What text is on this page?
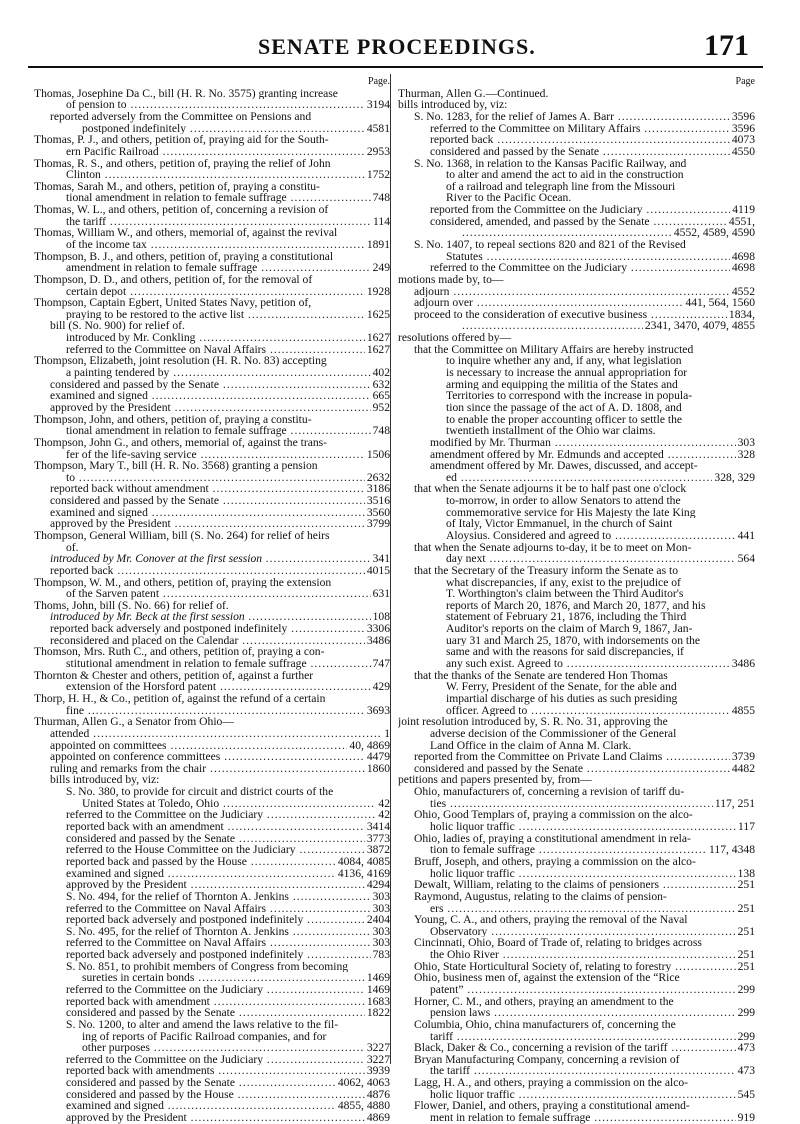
SENATE PROCEEDINGS.	171
Page.
Thomas, Josephine Da C., bill (H. R. No. 3575) granting increase
of pension to .....	3194
reported adversely from the Committee on Pensions and
postponed indefinitely .....	4581
Thomas, P. J., and others, petition of, praying aid for the South-
ern Pacific Railroad .....	2953
Thomas, R. S., and others, petition of, praying the relief of John
Clinton .....	1752
Thomas, Sarah M., and others, petition of, praying a constitu-
tional amendment in relation to female suffrage .....	748
Thomas, W. L., and others, petition of, concerning a revision of
the tariff .....	114
Thomas, William W., and others, memorial of, against the revival
of the income tax .....	1891
Thompson, B. J., and others, petition of, praying a constitutional
amendment in relation to female suffrage .....	249
Thompson, D. D., and others, petition of, for the removal of
certain depot .....	1928
Thompson, Captain Egbert, United States Navy, petition of,
praying to be restored to the active list .....	1625
bill (S. No. 900) for relief of.
introduced by Mr. Conkling .....	1627
referred to the Committee on Naval Affairs .....	1627
Thompson, Elizabeth, joint resolution (H. R. No. 83) accepting
a painting tendered by .....	402
considered and passed by the Senate .....	632
examined and signed .....	665
approved by the President .....	952
Thompson, John, and others, petition of, praying a constitu-
tional amendment in relation to female suffrage .....	748
Thompson, John G., and others, memorial of, against the trans-
fer of the life-saving service .....	1506
Thompson, Mary T., bill (H. R. No. 3568) granting a pension
to .....	2632
reported back without amendment .....	3186
considered and passed by the Senate .....	3516
examined and signed .....	3560
approved by the President .....	3799
Thompson, General William, bill (S. No. 264) for relief of heirs
of.
introduced by Mr. Conover at the first session .....	341
reported back .....	4015
Thompson, W. M., and others, petition of, praying the extension
of the Sarven patent .....	631
Thoms, John, bill (S. No. 66) for relief of.
introduced by Mr. Beck at the first session .....	108
reported back adversely and postponed indefinitely .....	3306
reconsidered and placed on the Calendar .....	3486
Thomson, Mrs. Ruth C., and others, petition of, praying a con-
stitutional amendment in relation to female suffrage .....	747
Thornton & Chester and others, petition of, against a further
extension of the Horsford patent .....	429
Thorp, H. H., & Co., petition of, against the refund of a certain
fine .....	3693
Thurman, Allen G., a Senator from Ohio—
attended .....	1
appointed on committees .....	40, 4869
appointed on conference committees .....	4479
ruling and remarks from the chair .....	1860
bills introduced by, viz:
S. No. 380, to provide for circuit and district courts of the
United States at Toledo, Ohio .....	42
referred to the Committee on the Judiciary .....	42
reported back with an amendment .....	3414
considered and passed by the Senate .....	3773
referred to the House Committee on the Judiciary .....	3872
reported back and passed by the House .....	4084, 4085
examined and signed .....	4136, 4169
approved by the President .....	4294
S. No. 494, for the relief of Thornton A. Jenkins .....	303
referred to the Committee on Naval Affairs .....	303
reported back adversely and postponed indefinitely .....	2404
S. No. 495, for the relief of Thornton A. Jenkins .....	303
referred to the Committee on Naval Affairs .....	303
reported back adversely and postponed indefinitely .....	783
S. No. 851, to prohibit members of Congress from becoming
sureties in certain bonds .....	1469
referred to the Committee on the Judiciary .....	1469
reported back with amendment .....	1683
considered and passed by the Senate .....	1822
S. No. 1200, to alter and amend the laws relative to the fil-
ing of reports of Pacific Railroad companies, and for
other purposes .....	3227
referred to the Committee on the Judiciary .....	3227
reported back with amendments .....	3939
considered and passed by the Senate .....	4062, 4063
considered and passed by the House .....	4876
examined and signed .....	4855, 4880
approved by the President .....	4869
Page
Thurman, Allen G.—Continued.
bills introduced by, viz:
S. No. 1283, for the relief of James A. Barr .....	3596
referred to the Committee on Military Affairs .....	3596
reported back .....	4073
considered and passed by the Senate .....	4550
S. No. 1368, in relation to the Kansas Pacific Railway, and
to alter and amend the act to aid in the construction
of a railroad and telegraph line from the Missouri
River to the Pacific Ocean.
reported from the Committee on the Judiciary .....	4119
considered, amended, and passed by the Senate .....	4551,
.....
4552, 4589, 4590
S. No. 1407, to repeal sections 820 and 821 of the Revised
Statutes .....	4698
referred to the Committee on the Judiciary .....	4698
motions made by, to—
adjourn .....	4552
adjourn over .....	441, 564, 1560
proceed to the consideration of executive business .....	1834,
.....
2341, 3470, 4079, 4855
resolutions offered by—
that the Committee on Military Affairs are hereby instructed
to inquire whether any and, if any, what legislation
is necessary to increase the annual appropriation for
arming and equipping the militia of the States and
Territories to correspond with the increase in popula-
tion since the passage of the act of A. D. 1808, and
to enable the proper accounting officer to settle the
twentieth installment of the Ohio war claims.
modified by Mr. Thurman .....	303
amendment offered by Mr. Edmunds and accepted .....	328
amendment offered by Mr. Dawes, discussed, and accept-
ed .....	328, 329
that when the Senate adjourns it be to half past one o'clock
to-morrow, in order to allow Senators to attend the
commemorative service for His Majesty the late King
of Italy, Victor Emmanuel, in the church of Saint
Aloysius. Considered and agreed to .....	441
that when the Senate adjourns to-day, it be to meet on Mon-
day next .....	564
that the Secretary of the Treasury inform the Senate as to
what discrepancies, if any, exist to the prejudice of
T. Worthington's claim between the Third Auditor's
reports of March 20, 1876, and March 20, 1877, and his
statement of February 21, 1876, including the Third
Auditor's reports on the claim of March 9, 1867, Jan-
uary 31 and March 25, 1870, with indorsements on the
same and with the reasons for said discrepancies, if
any such exist. Agreed to .....	3486
that the thanks of the Senate are tendered Hon Thomas
W. Ferry, President of the Senate, for the able and
impartial discharge of his duties as such presiding
officer. Agreed to .....	4855
joint resolution introduced by, S. R. No. 31, approving the
adverse decision of the Commissioner of the General
Land Office in the claim of Anna M. Clark.
reported from the Committee on Private Land Claims .....	3739
considered and passed by the Senate .....	4482
petitions and papers presented by, from—
Ohio, manufacturers of, concerning a revision of tariff du-
ties .....	117, 251
Ohio, Good Templars of, praying a commission on the alco-
holic liquor traffic .....	117
Ohio, ladies of, praying a constitutional amendment in rela-
tion to female suffrage .....	117, 4348
Bruff, Joseph, and others, praying a commission on the alco-
holic liquor traffic .....	138
Dewalt, William, relating to the claims of pensioners .....	251
Raymond, Augustus, relating to the claims of pension-
ers .....	251
Young, C. A., and others, praying the removal of the Naval
Observatory .....	251
Cincinnati, Ohio, Board of Trade of, relating to bridges across
the Ohio River .....	251
Ohio, State Horticultural Society of, relating to forestry .....	251
Ohio, business men of, against the extension of the “Rice
patent” .....	299
Horner, C. M., and others, praying an amendment to the
pension laws .....	299
Columbia, Ohio, china manufacturers of, concerning the
tariff .....	299
Black, Daker & Co., concerning a revision of the tariff .....	473
Bryan Manufacturing Company, concerning a revision of
the tariff .....	473
Lagg, H. A., and others, praying a commission on the alco-
holic liquor traffic .....	545
Flower, Daniel, and others, praying a constitutional amend-
ment in relation to female suffrage .....	919
